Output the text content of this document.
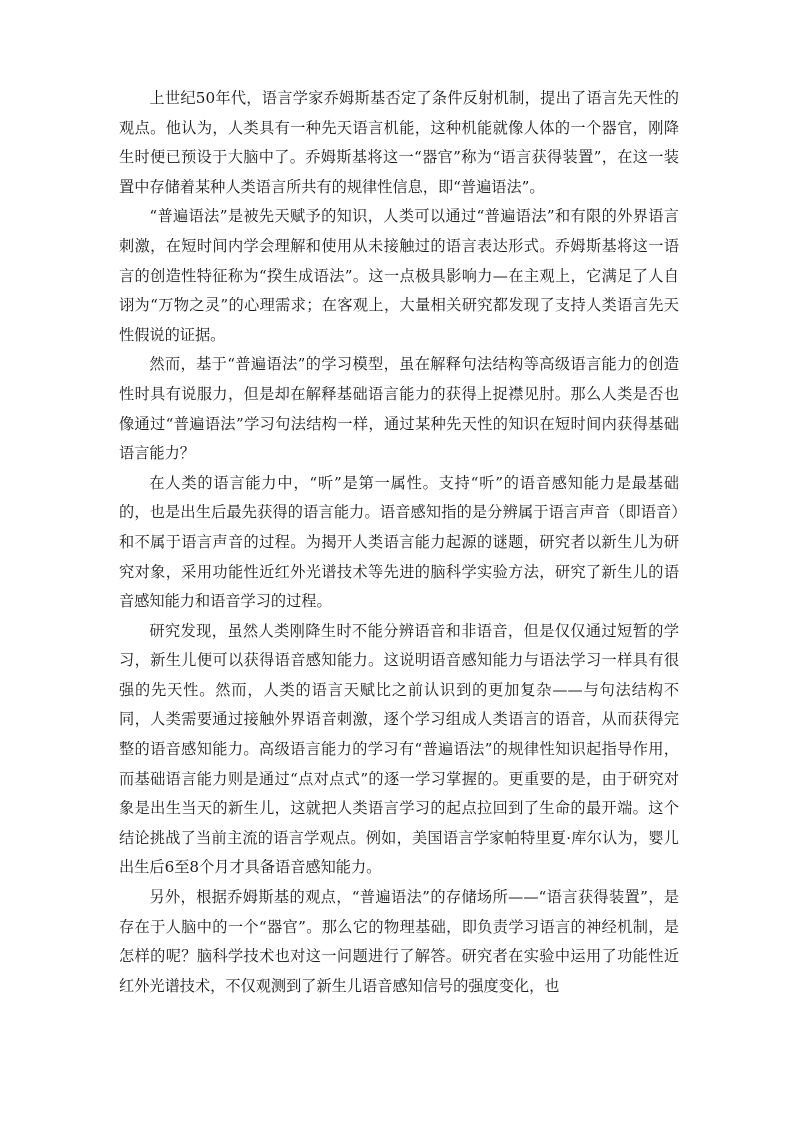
上世纪50年代，语言学家乔姆斯基否定了条件反射机制，提出了语言先天性的观点。他认为，人类具有一种先天语言机能，这种机能就像人体的一个器官，刚降生时便已预设于大脑中了。乔姆斯基将这一“器官”称为“语言获得装置”，在这一装置中存储着某种人类语言所共有的规律性信息，即“普遍语法”。

“普遍语法”是被先天赋予的知识，人类可以通过“普遍语法”和有限的外界语言刺激，在短时间内学会理解和使用从未接触过的语言表达形式。乔姆斯基将这一语言的创造性特征称为“揆生成语法”。这一点极具影响力—在主观上，它满足了人自诩为“万物之灵”的心理需求；在客观上，大量相关研究都发现了支持人类语言先天性假说的证据。

然而，基于“普遍语法”的学习模型，虽在解释句法结构等高级语言能力的创造性时具有说服力，但是却在解释基础语言能力的获得上捉襟见肘。那么人类是否也像通过“普遍语法”学习句法结构一样，通过某种先天性的知识在短时间内获得基础语言能力？

在人类的语言能力中，“听”是第一属性。支持“听”的语音感知能力是最基础的，也是出生后最先获得的语言能力。语音感知指的是分辨属于语言声音（即语音）和不属于语言声音的过程。为揭开人类语言能力起源的谜题，研究者以新生儿为研究对象，采用功能性近红外光谱技术等先进的脑科学实验方法，研究了新生儿的语音感知能力和语音学习的过程。

研究发现，虽然人类刚降生时不能分辨语音和非语音，但是仅仅通过短暂的学习，新生儿便可以获得语音感知能力。这说明语音感知能力与语法学习一样具有很强的先天性。然而，人类的语言天赋比之前认识到的更加复杂——与句法结构不同，人类需要通过接触外界语音刺激，逐个学习组成人类语言的语音，从而获得完整的语音感知能力。高级语言能力的学习有“普遍语法”的规律性知识起指导作用，而基础语言能力则是通过“点对点式”的逐一学习掌握的。更重要的是，由于研究对象是出生当天的新生儿，这就把人类语言学习的起点拉回到了生命的最开端。这个结论挑战了当前主流的语言学观点。例如，美国语言学家帕特里夏·库尔认为，婴儿出生后6至8个月才具备语音感知能力。

另外，根据乔姆斯基的观点，“普遍语法”的存储场所——“语言获得装置”，是存在于人脑中的一个“器官”。那么它的物理基础，即负责学习语言的神经机制，是怎样的呢？脑科学技术也对这一问题进行了解答。研究者在实验中运用了功能性近红外光谱技术，不仅观测到了新生儿语音感知信号的强度变化，也
